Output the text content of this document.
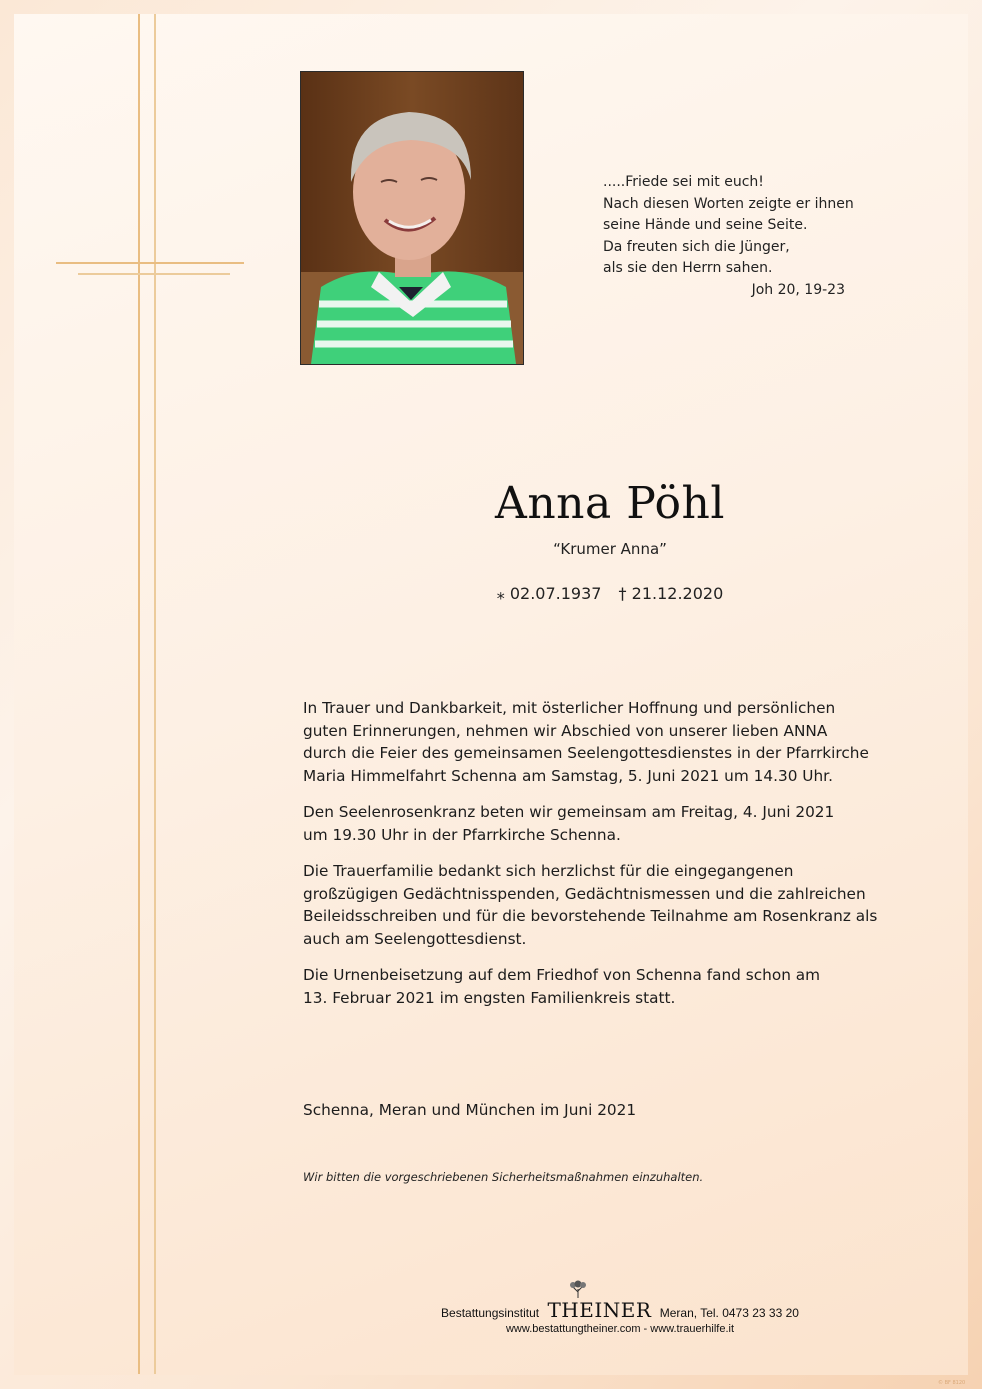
.....Friede sei mit euch!
Nach diesen Worten zeigte er ihnen
seine Hände und seine Seite.
Da freuten sich die Jünger,
als sie den Herrn sahen.
Joh 20, 19-23
Anna Pöhl
“Krumer Anna”
⁎ 02.07.1937 † 21.12.2020

In Trauer und Dankbarkeit, mit österlicher Hoffnung und persönlichen
guten Erinnerungen, nehmen wir Abschied von unserer lieben ANNA
durch die Feier des gemeinsamen Seelengottesdienstes in der Pfarrkirche
Maria Himmelfahrt Schenna am Samstag, 5. Juni 2021 um 14.30 Uhr.

Den Seelenrosenkranz beten wir gemeinsam am Freitag, 4. Juni 2021
um 19.30 Uhr in der Pfarrkirche Schenna.

Die Trauerfamilie bedankt sich herzlichst für die eingegangenen
großzügigen Gedächtnisspenden, Gedächtnismessen und die zahlreichen
Beileidsschreiben und für die bevorstehende Teilnahme am Rosenkranz als
auch am Seelengottesdienst.

Die Urnenbeisetzung auf dem Friedhof von Schenna fand schon am
13. Februar 2021 im engsten Familienkreis statt.

Schenna, Meran und München im Juni 2021
Wir bitten die vorgeschriebenen Sicherheitsmaßnahmen einzuhalten.
Bestattungsinstitut THEINER Meran, Tel. 0473 23 33 20
www.bestattungtheiner.com - www.trauerhilfe.it
© BF 8120
